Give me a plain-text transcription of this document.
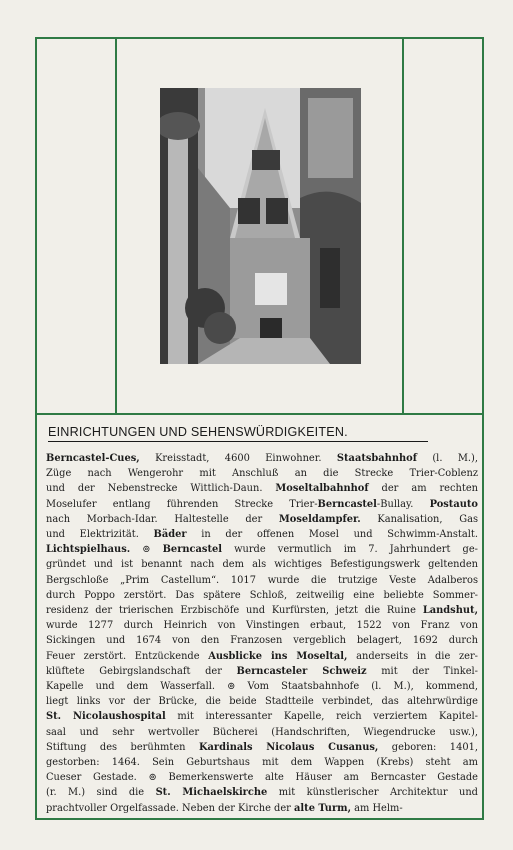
EINRICHTUNGEN UND SEHENSWÜRDIGKEITEN.
Berncastel-Cues, Kreisstadt, 4600 Einwohner. Staatsbahnhof (l. M.),
Züge nach Wengerohr mit Anschluß an die Strecke Trier-Coblenz
und der Nebenstrecke Wittlich-Daun. Moseltalbahnhof der am rechten
Moselufer entlang führenden Strecke Trier-Berncastel-Bullay. Postauto
nach Morbach-Idar. Haltestelle der Moseldampfer. Kanalisation, Gas
und Elektrizität. Bäder in der offenen Mosel und Schwimm-Anstalt.
Lichtspielhaus. ⊚ Berncastel wurde vermutlich im 7. Jahrhundert ge-
gründet und ist benannt nach dem als wichtiges Befestigungswerk geltenden
Bergschloße „Prim Castellum“. 1017 wurde die trutzige Veste Adalberos
durch Poppo zerstört. Das spätere Schloß, zeitweilig eine beliebte Sommer-
residenz der trierischen Erzbischöfe und Kurfürsten, jetzt die Ruine Landshut,
wurde 1277 durch Heinrich von Vinstingen erbaut, 1522 von Franz von
Sickingen und 1674 von den Franzosen vergeblich belagert, 1692 durch
Feuer zerstört. Entzückende Ausblicke ins Moseltal, anderseits in die zer-
klüftete Gebirgslandschaft der Berncasteler Schweiz mit der Tinkel-
Kapelle und dem Wasserfall. ⊚ Vom Staatsbahnhofe (l. M.), kommend,
liegt links vor der Brücke, die beide Stadtteile verbindet, das altehrwürdige
St. Nicolaushospital mit interessanter Kapelle, reich verziertem Kapitel-
saal und sehr wertvoller Bücherei (Handschriften, Wiegendrucke usw.),
Stiftung des berühmten Kardinals Nicolaus Cusanus, geboren: 1401,
gestorben: 1464. Sein Geburtshaus mit dem Wappen (Krebs) steht am
Cueser Gestade. ⊚ Bemerkenswerte alte Häuser am Berncaster Gestade
(r. M.) sind die St. Michaelskirche mit künstlerischer Architektur und
prachtvoller Orgelfassade. Neben der Kirche der alte Turm, am Helm-
